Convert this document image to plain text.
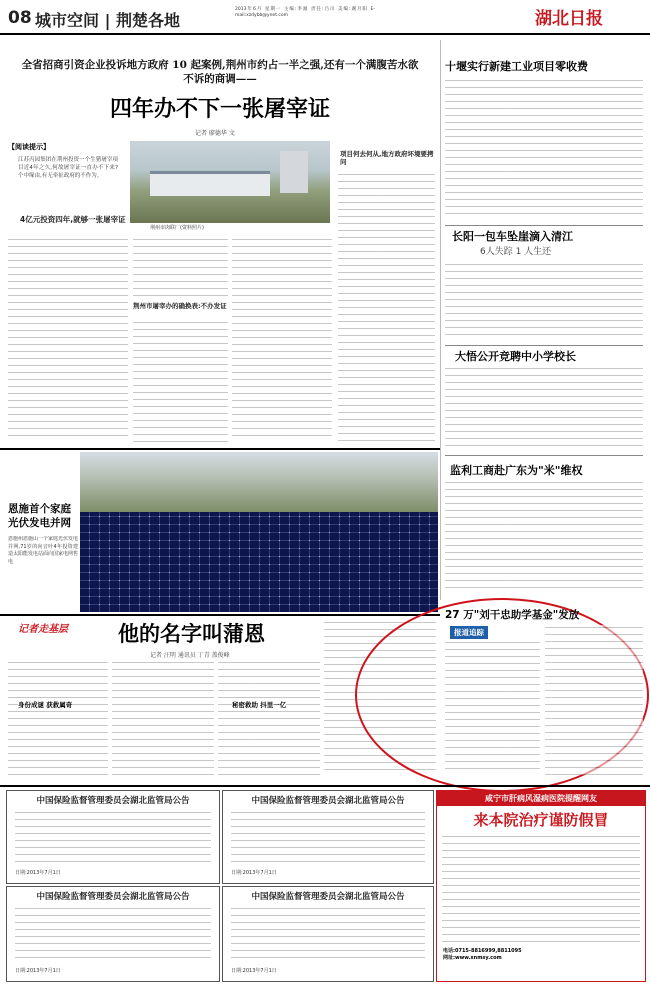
08 城市空间 | 荆楚各地
2013年6月 星期一 主编:李澈 责任:吕川 美编:谢月阳 E-mail:xzdybb@ynet.com	湖北日报
全省招商引资企业投诉地方政府 10 起案例,荆州市约占一半之强,还有一个满腹苦水欲不诉的商调——
四年办不下一张屠宰证
记者 廖德华 文
【阅读提示】
江苏丙园集团在荆州投资一个生猪屠宰项目近4年之久,何故屠宰证一直办不下来?个中缘由,有无牵扯政府的不作为。
荆州市肉联厂(资料照片)
4亿元投资四年,就够一张屠宰证
荆州市屠宰办的确换表:不办发证
项目何去何从,地方政府坏境要拷问
十堰实行新建工业项目零收费
长阳一包车坠崖滴入清江
6人失踪 1 人生还
大悟公开竞聘中小学校长
监利工商赴广东为"米"维权
恩施首个家庭光伏发电并网
恩施州恩施山一个家庭光伏发电并网,71岁的向音叶4年投资建造太阳能发电站面向国家电网售电
记者走基层 他的名字叫蒲恩
记者 汪明 通讯员 丁青 盖俊峰
身份成谜 获救属奇	秘密救助 抖里一亿
27 万"刘干忠助学基金"发放
报道追踪
中国保险监督管理委员会湖北监管局公告
日期:2013年7月1日
中国保险监督管理委员会湖北监管局公告
日期:2013年7月1日
中国保险监督管理委员会湖北监管局公告
日期:2013年7月1日
中国保险监督管理委员会湖北监管局公告
日期:2013年7月1日
咸宁市肝病风湿病医院提醒网友
来本院治疗谨防假冒
电话:0715-8816999,8811095
网址:www.xnmsy.com
